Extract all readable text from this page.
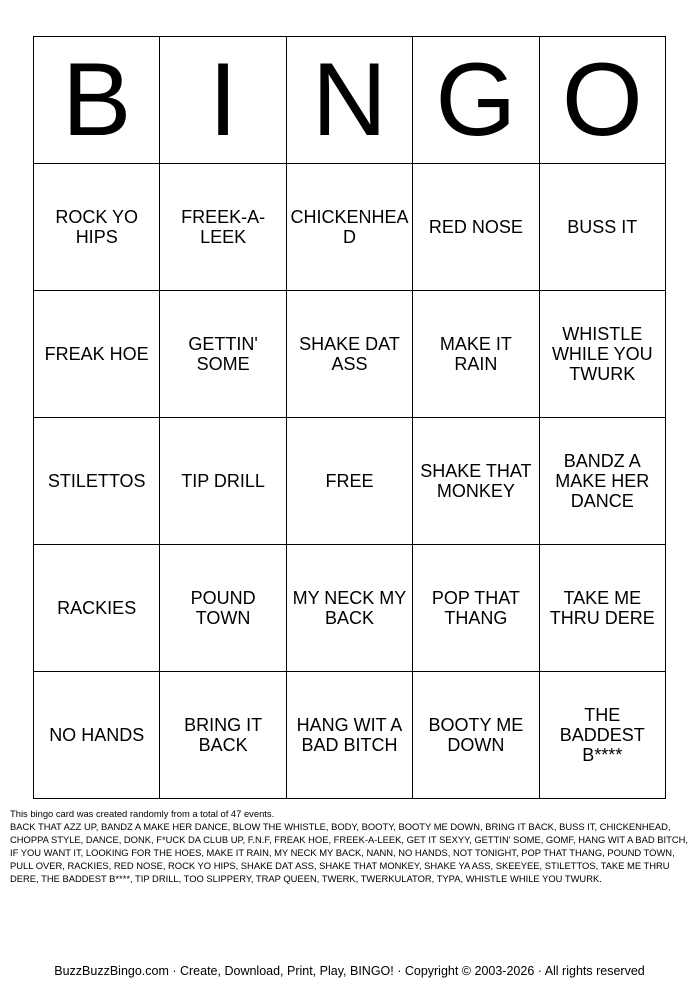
B	I	N	G	O
ROCK YO HIPS	FREEK-A-LEEK	CHICKENHEAD	RED NOSE	BUSS IT
FREAK HOE	GETTIN' SOME	SHAKE DAT ASS	MAKE IT RAIN	WHISTLE WHILE YOU TWURK
STILETTOS	TIP DRILL	FREE	SHAKE THAT MONKEY	BANDZ A MAKE HER DANCE
RACKIES	POUND TOWN	MY NECK MY BACK	POP THAT THANG	TAKE ME THRU DERE
NO HANDS	BRING IT BACK	HANG WIT A BAD BITCH	BOOTY ME DOWN	THE BADDEST B****

This bingo card was created randomly from a total of 47 events.

BACK THAT AZZ UP, BANDZ A MAKE HER DANCE, BLOW THE WHISTLE, BODY, BOOTY, BOOTY ME DOWN, BRING IT BACK, BUSS IT, CHICKENHEAD, CHOPPA STYLE, DANCE, DONK, F*UCK DA CLUB UP, F.N.F, FREAK HOE, FREEK-A-LEEK, GET IT SEXYY, GETTIN' SOME, GOMF, HANG WIT A BAD BITCH, IF YOU WANT IT, LOOKING FOR THE HOES, MAKE IT RAIN, MY NECK MY BACK, NANN, NO HANDS, NOT TONIGHT, POP THAT THANG, POUND TOWN, PULL OVER, RACKIES, RED NOSE, ROCK YO HIPS, SHAKE DAT ASS, SHAKE THAT MONKEY, SHAKE YA ASS, SKEEYEE, STILETTOS, TAKE ME THRU DERE, THE BADDEST B****, TIP DRILL, TOO SLIPPERY, TRAP QUEEN, TWERK, TWERKULATOR, TYPA, WHISTLE WHILE YOU TWURK.

BuzzBuzzBingo.com · Create, Download, Print, Play, BINGO! · Copyright © 2003-2026 · All rights reserved
